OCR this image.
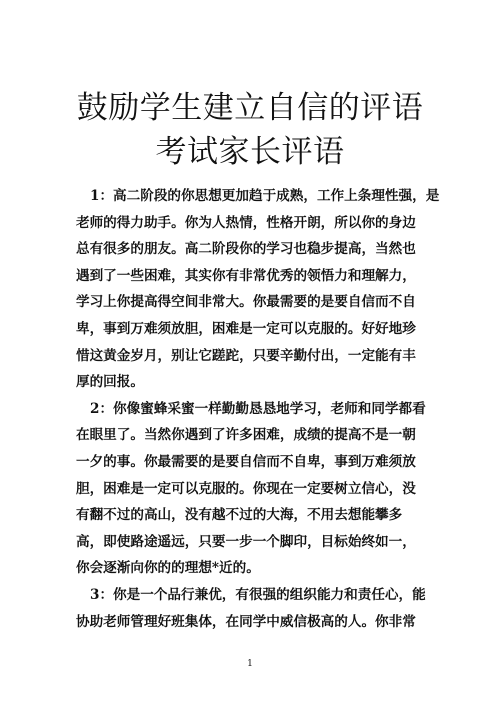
鼓励学生建立自信的评语
考试家长评语
1：高二阶段的你思想更加趋于成熟，工作上条理性强，是
老师的得力助手。你为人热情，性格开朗，所以你的身边
总有很多的朋友。高二阶段你的学习也稳步提高，当然也
遇到了一些困难，其实你有非常优秀的领悟力和理解力，
学习上你提高得空间非常大。你最需要的是要自信而不自
卑，事到万难须放胆，困难是一定可以克服的。好好地珍
惜这黄金岁月，别让它蹉跎，只要辛勤付出，一定能有丰
厚的回报。
2：你像蜜蜂采蜜一样勤勤恳恳地学习，老师和同学都看
在眼里了。当然你遇到了许多困难，成绩的提高不是一朝
一夕的事。你最需要的是要自信而不自卑，事到万难须放
胆，困难是一定可以克服的。你现在一定要树立信心，没
有翻不过的高山，没有越不过的大海，不用去想能攀多
高，即使路途遥远，只要一步一个脚印，目标始终如一，
你会逐渐向你的的理想*近的。
3：你是一个品行兼优，有很强的组织能力和责任心，能
协助老师管理好班集体，在同学中威信极高的人。你非常
1
